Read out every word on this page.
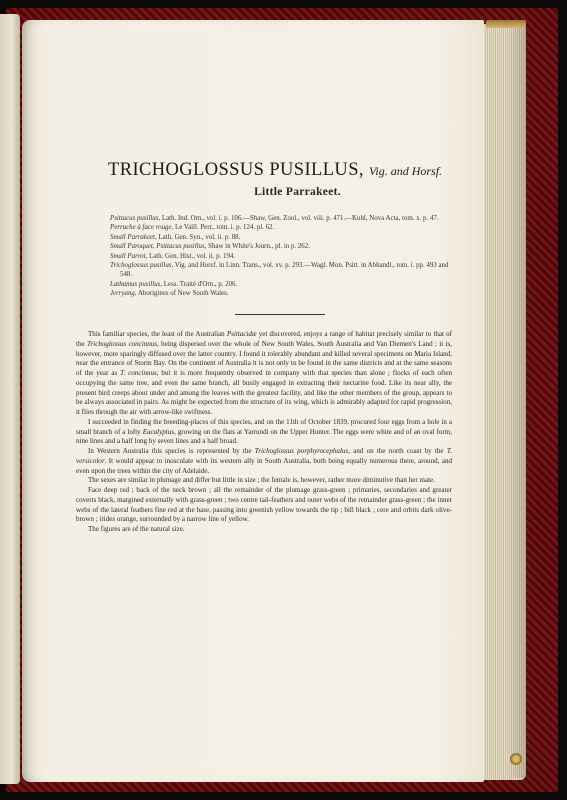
TRICHOGLOSSUS PUSILLUS, Vig. and Horsf.
Little Parrakeet.

Psittacus pusillus, Lath. Ind. Orn., vol. i. p. 106.—Shaw, Gen. Zool., vol. viii. p. 471.—Kuhl, Nova Acta, tom. x. p. 47.

Perruche à face rouge, Le Vaill. Perr., tom. i. p. 124. pl. 62.

Small Parrakeet, Lath. Gen. Syn., vol. ii. p. 88.

Small Paroquet, Psittacus pusillus, Shaw in White's Journ., pl. in p. 262.

Small Parrot, Lath. Gen. Hist., vol. ii. p. 194.

Trichoglossus pusillus, Vig. and Horsf. in Linn. Trans., vol. xv. p. 293.—Wagl. Mon. Psitt. in Abhandl., tom. i. pp. 493 and 548.

Lathamus pusillus, Less. Traité d'Orn., p. 206.

Jerryang, Aborigines of New South Wales.

This familiar species, the least of the Australian Psittacidæ yet discovered, enjoys a range of habitat precisely similar to that of the Trichoglossus concinnus, being dispersed over the whole of New South Wales, South Australia and Van Diemen's Land ; it is, however, more sparingly diffused over the latter country. I found it tolerably abundant and killed several specimens on Maria Island, near the entrance of Storm Bay. On the continent of Australia it is not only to be found in the same districts and at the same seasons of the year as T. concinnus, but it is more frequently observed in company with that species than alone ; flocks of each often occupying the same tree, and even the same branch, all busily engaged in extracting their nectarine food. Like its near ally, the present bird creeps about under and among the leaves with the greatest facility, and like the other members of the group, appears to be always associated in pairs. As might be expected from the structure of its wing, which is admirably adapted for rapid progression, it flies through the air with arrow-like swiftness.

I succeeded in finding the breeding-places of this species, and on the 11th of October 1839, procured four eggs from a hole in a small branch of a lofty Eucalyptus, growing on the flats at Yarrundi on the Upper Hunter. The eggs were white and of an oval form, nine lines and a half long by seven lines and a half broad.

In Western Australia this species is represented by the Trichoglossus porphyrocephalus, and on the north coast by the T. versicolor. It would appear to inosculate with its western ally in South Australia, both being equally numerous there, around, and even upon the trees within the city of Adelaide.

The sexes are similar in plumage and differ but little in size ; the female is, however, rather more diminutive than her mate.

Face deep red ; back of the neck brown ; all the remainder of the plumage grass-green ; primaries, secondaries and greater coverts black, margined externally with grass-green ; two centre tail-feathers and outer webs of the remainder grass-green ; the inner webs of the lateral feathers fine red at the base, passing into greenish yellow towards the tip ; bill black ; cere and orbits dark olive-brown ; irides orange, surrounded by a narrow line of yellow.

The figures are of the natural size.
